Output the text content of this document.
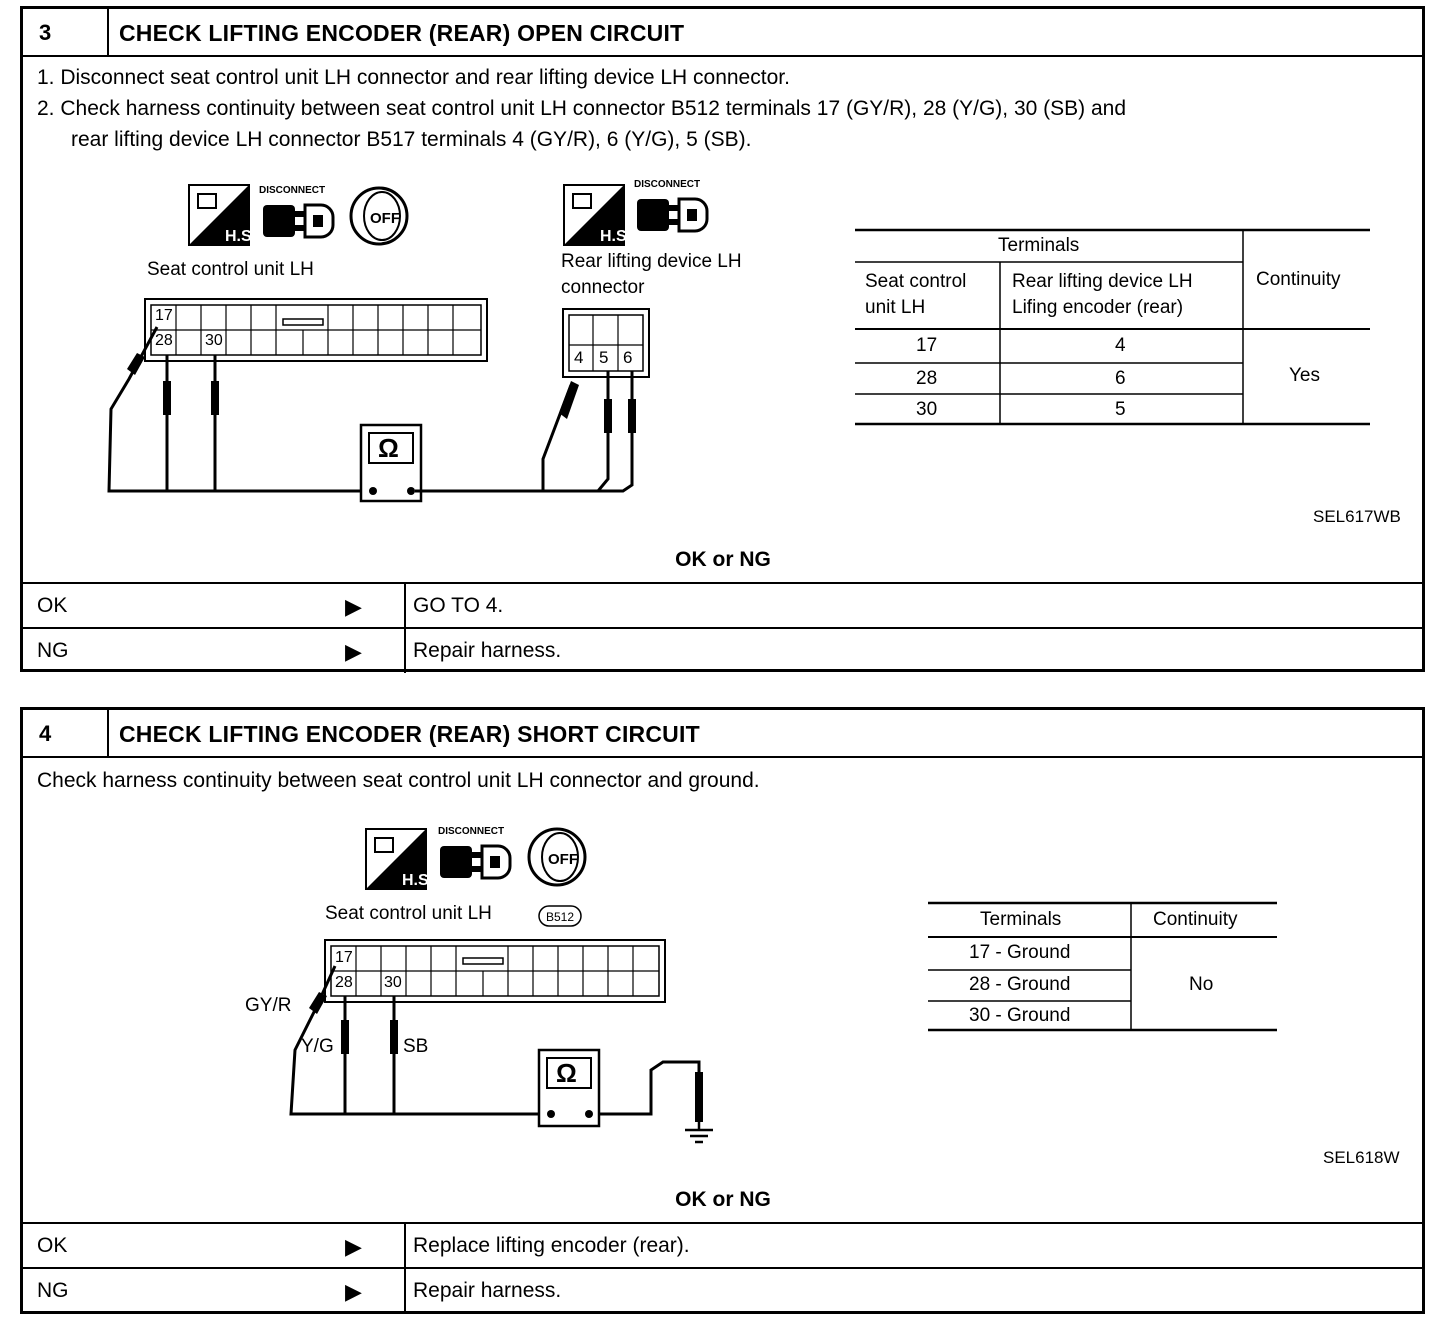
3	CHECK LIFTING ENCODER (REAR) OPEN CIRCUIT
1. Disconnect seat control unit LH connector and rear lifting device LH connector.
2. Check harness continuity between seat control unit LH connector B512 terminals 17 (GY/R), 28 (Y/G), 30 (SB) and
rear lifting device LH connector B517 terminals 4 (GY/R), 6 (Y/G), 5 (SB).
H.S.
DISCONNECT
OFF
H.S.
DISCONNECT
Seat control unit LH	Rear lifting device LH
connector
17
28 30
4 5 6
Ω
Terminals
Seat control
unit LH
Rear lifting device LH
Lifing encoder (rear)
Continuity
17	4
28	6
30	5
Yes
SEL617WB
OK or NG
OK	▶ GO TO 4.
NG	▶ Repair harness.
4	CHECK LIFTING ENCODER (REAR) SHORT CIRCUIT
Check harness continuity between seat control unit LH connector and ground.
H.S.
DISCONNECT
OFF
Seat control unit LH	B512
17
28 30
GY/R
Y/G	SB
Ω
Terminals	Continuity
17 - Ground
28 - Ground
30 - Ground
No
SEL618W
OK or NG
OK	▶ Replace lifting encoder (rear).
NG	▶ Repair harness.
